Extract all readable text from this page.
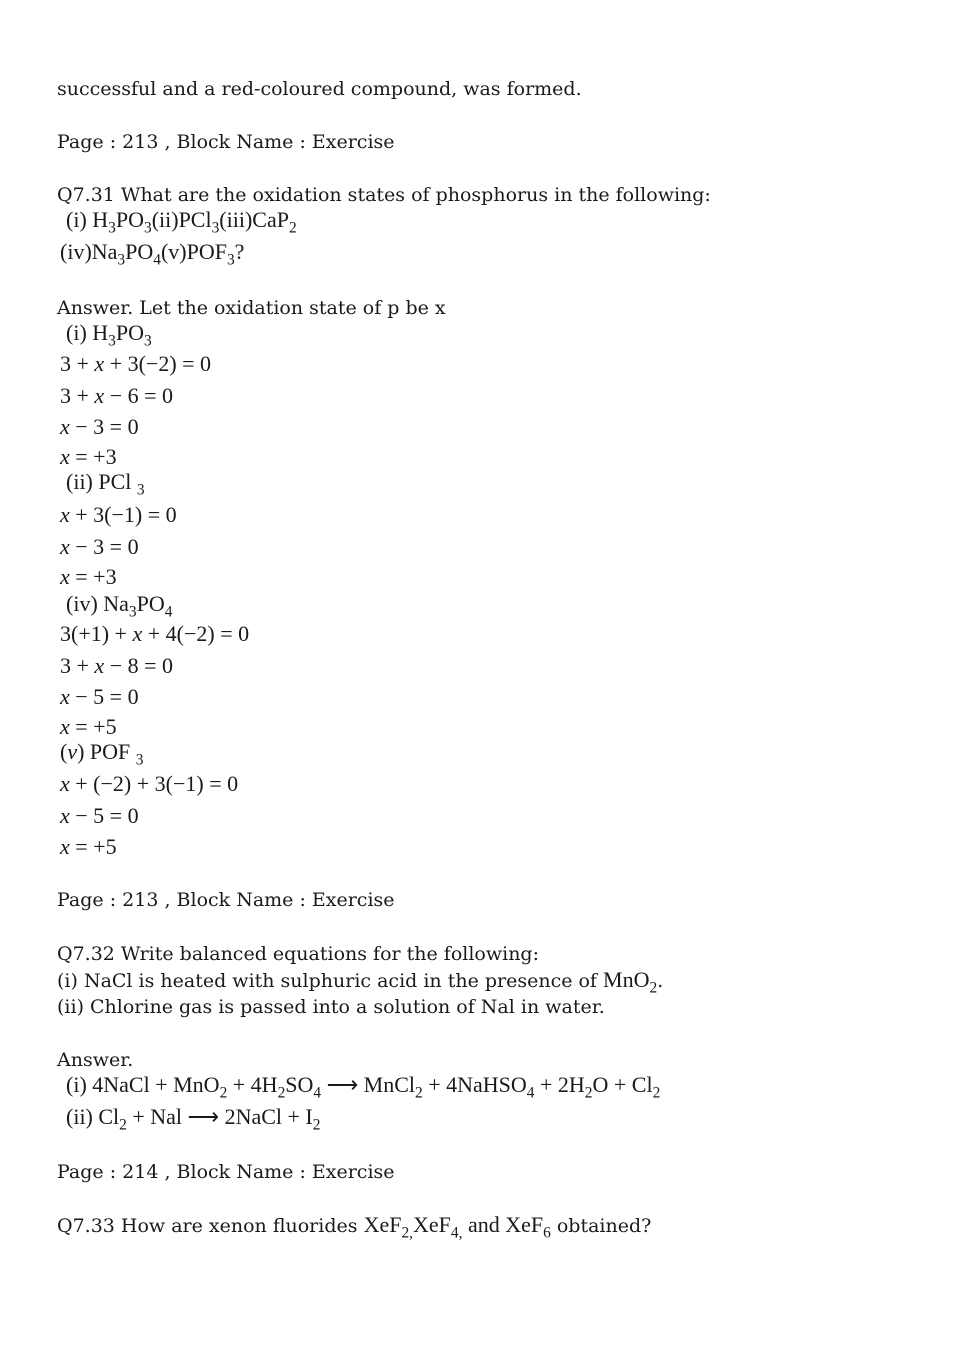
successful and a red-coloured compound, was formed.
Page : 213 , Block Name : Exercise
Q7.31 What are the oxidation states of phosphorus in the following:
(i) $H_3PO_3(ii)PCl_3(iii)CaP_2$
$(iv)Na_3PO_4(v)POF_3$?
Answer. Let the oxidation state of p be x
(i) $H_3PO_3$
3 + x + 3(−2) = 0
3 + x − 6 = 0
x − 3 = 0
x = +3
(ii) PCl $_3$
x + 3(−1) = 0
x − 3 = 0
x = +3
(iv) $Na_3PO_4$
3(+1) + x + 4(−2) = 0
3 + x − 8 = 0
x − 5 = 0
x = +5
(v) POF $_3$
x + (−2) + 3(−1) = 0
x − 5 = 0
x = +5
Page : 213 , Block Name : Exercise
Q7.32 Write balanced equations for the following:
(i) NaCl is heated with sulphuric acid in the presence of MnO$_2$.
(ii) Chlorine gas is passed into a solution of Nal in water.
Answer.
(i) 4NaCl + $MnO_2 + 4H_2SO_4$ ⟶ MnCl$_2$ + 4NaHSO$_4$ + $2H_2O + Cl_2$
(ii) $Cl_2$ + Nal ⟶ 2NaCl + $I_2$
Page : 214 , Block Name : Exercise
Q7.33 How are xenon fluorides XeF$_{2,}$XeF$_{4,}$ and XeF$_6$ obtained?
